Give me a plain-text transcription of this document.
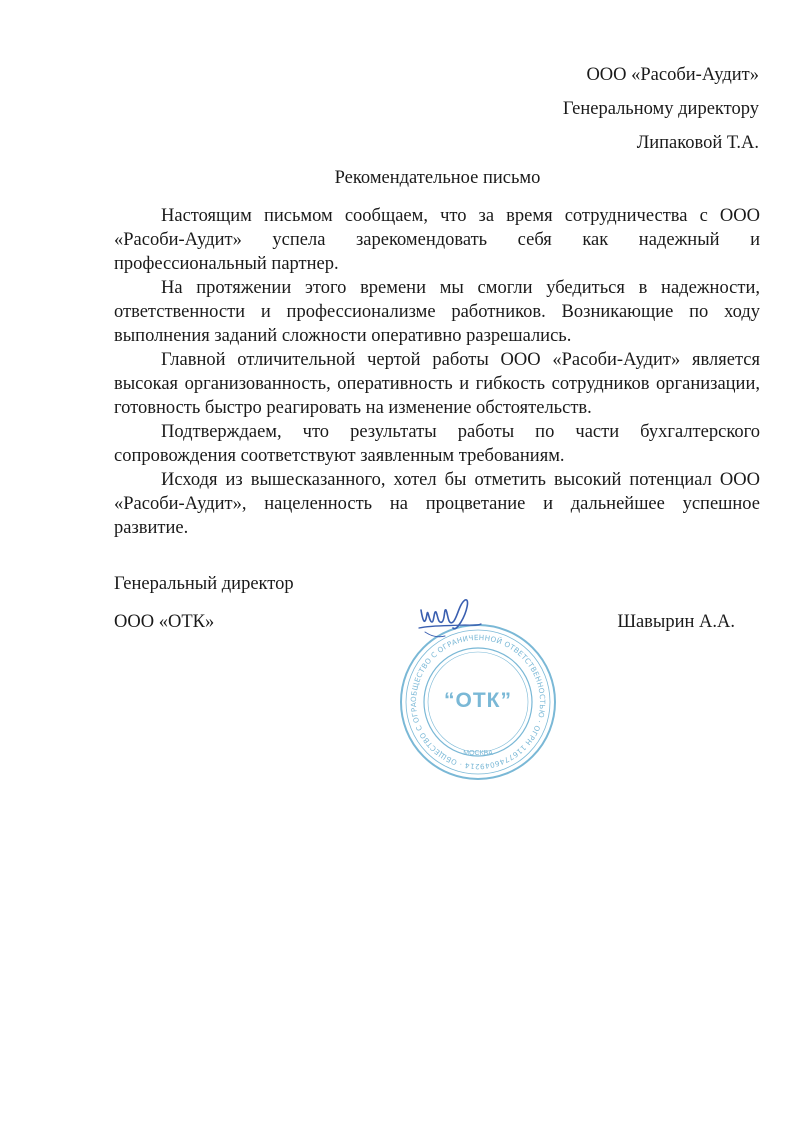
ООО «Расоби-Аудит»
Генеральному директору
Липаковой Т.А.
Рекомендательное письмо

Настоящим письмом сообщаем, что за время сотрудничества с ООО «Расоби-Аудит» успела зарекомендовать себя как надежный и профессиональный партнер.

На протяжении этого времени мы смогли убедиться в надежности, ответственности и профессионализме работников. Возникающие по ходу выполнения заданий сложности оперативно разрешались.

Главной отличительной чертой работы ООО «Расоби-Аудит» является высокая организованность, оперативность и гибкость сотрудников организации, готовность быстро реагировать на изменение обстоятельств.

Подтверждаем, что результаты работы по части бухгалтерского сопровождения соответствуют заявленным требованиям.

Исходя из вышесказанного, хотел бы отметить высокий потенциал ООО «Расоби-Аудит», нацеленность на процветание и дальнейшее успешное развитие.

Генеральный директор
ООО «ОТК»	Шавырин А.А.
ОБЩЕСТВО С ОГРАНИЧЕННОЙ ОТВЕТСТВЕННОСТЬЮ · ОГРН 1167746049214 · ОБЩЕСТВО С ОГРА	“ОТК”
МОСКВА
